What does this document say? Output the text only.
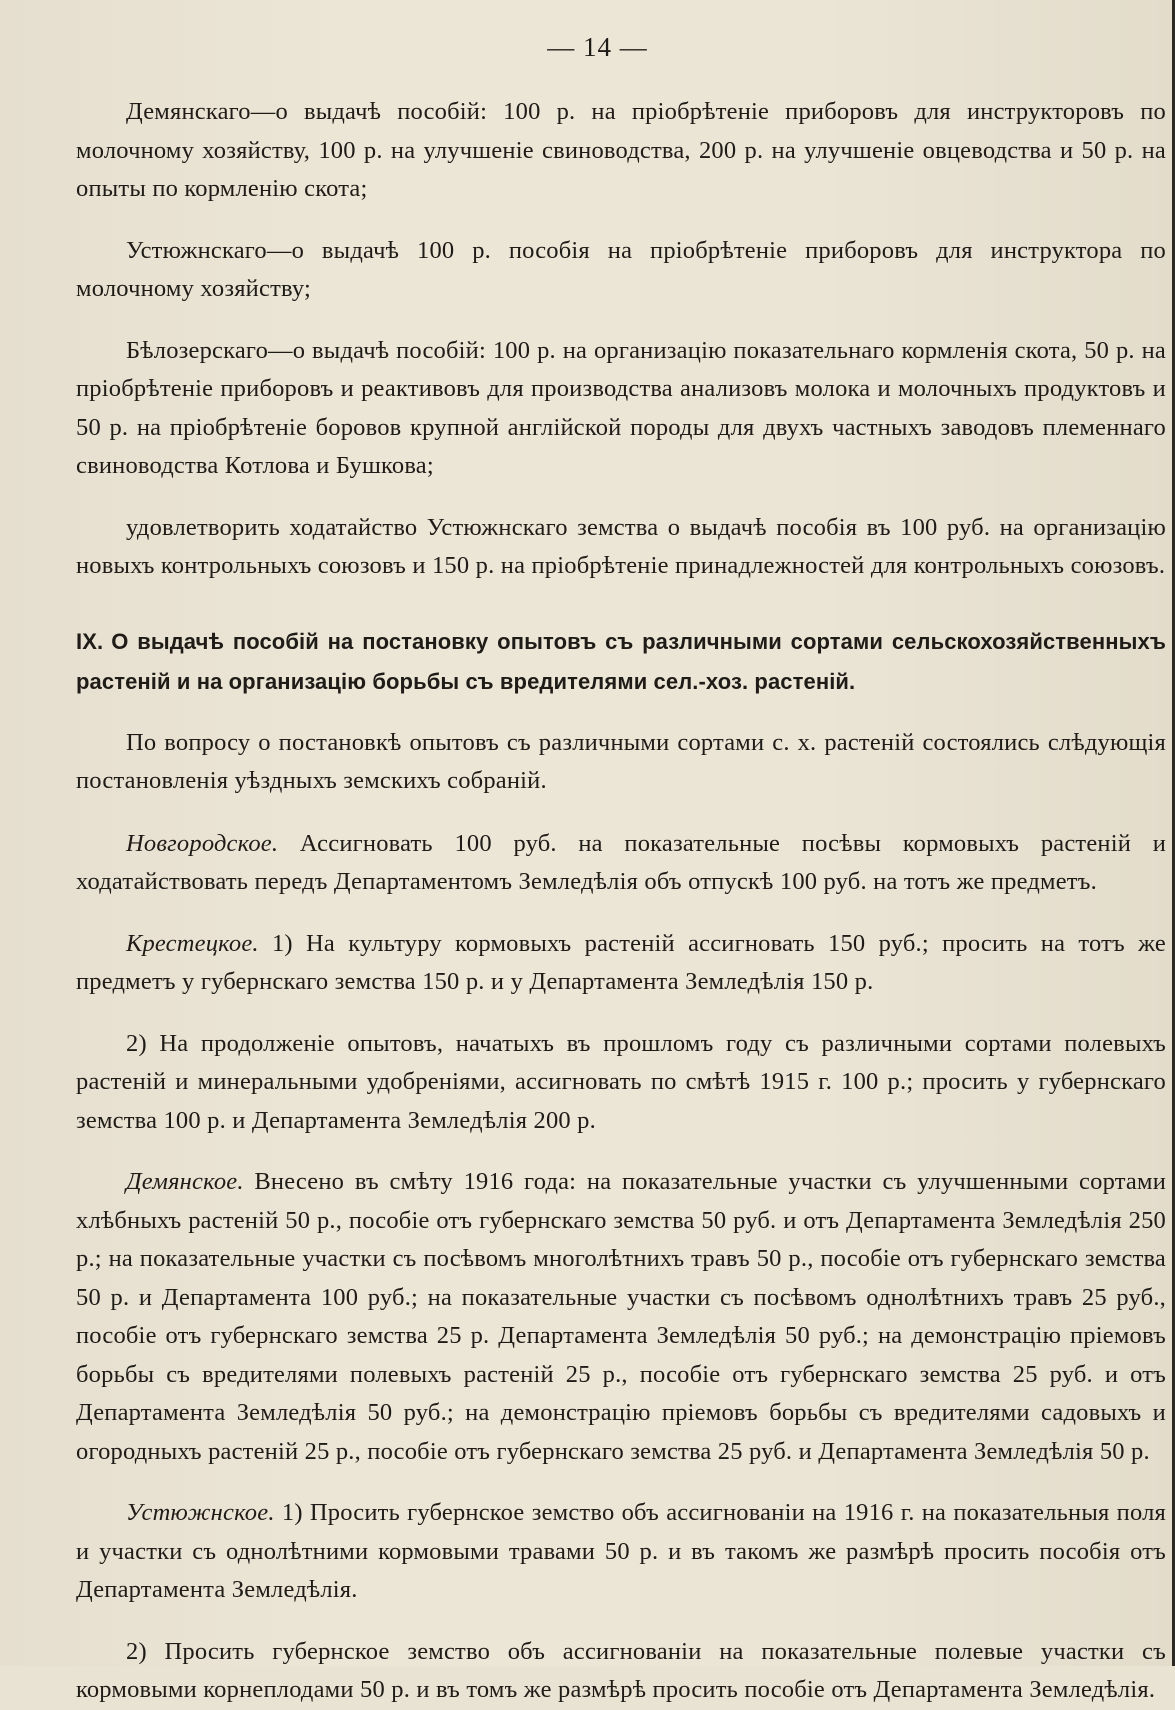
— 14 —

Демянскаго—о выдачѣ пособій: 100 р. на пріобрѣтеніе приборовъ для инструкторовъ по молочному хозяйству, 100 р. на улучшеніе свиноводства, 200 р. на улучшеніе овцеводства и 50 р. на опыты по кормленію скота;

Устюжнскаго—о выдачѣ 100 р. пособія на пріобрѣтеніе приборовъ для инструктора по молочному хозяйству;

Бѣлозерскаго—о выдачѣ пособій: 100 р. на организацію показательнаго кормленія скота, 50 р. на пріобрѣтеніе приборовъ и реактивовъ для производства анализовъ молока и молочныхъ продуктовъ и 50 р. на пріобрѣтеніе боровов крупной англійской породы для двухъ частныхъ заводовъ племеннаго свиноводства Котлова и Бушкова;

удовлетворить ходатайство Устюжнскаго земства о выдачѣ пособія въ 100 руб. на организацію новыхъ контрольныхъ союзовъ и 150 р. на пріобрѣтеніе принадлежностей для контрольныхъ союзовъ.

IX. О выдачѣ пособій на постановку опытовъ съ различными сортами сельскохозяйственныхъ растеній и на организацію борьбы съ вредителями сел.-хоз. растеній.

По вопросу о постановкѣ опытовъ съ различными сортами с. х. растеній состоялись слѣдующія постановленія уѣздныхъ земскихъ собраній.

Новгородское. Ассигновать 100 руб. на показательные посѣвы кормовыхъ растеній и ходатайствовать передъ Департаментомъ Земледѣлія объ отпускѣ 100 руб. на тотъ же предметъ.

Крестецкое. 1) На культуру кормовыхъ растеній ассигновать 150 руб.; просить на тотъ же предметъ у губернскаго земства 150 р. и у Департамента Земледѣлія 150 р.

2) На продолженіе опытовъ, начатыхъ въ прошломъ году съ различными сортами полевыхъ растеній и минеральными удобреніями, ассигновать по смѣтѣ 1915 г. 100 р.; просить у губернскаго земства 100 р. и Департамента Земледѣлія 200 р.

Демянское. Внесено въ смѣту 1916 года: на показательные участки съ улучшенными сортами хлѣбныхъ растеній 50 р., пособіе отъ губернскаго земства 50 руб. и отъ Департамента Земледѣлія 250 р.; на показательные участки съ посѣвомъ многолѣтнихъ травъ 50 р., пособіе отъ губернскаго земства 50 р. и Департамента 100 руб.; на показательные участки съ посѣвомъ однолѣтнихъ травъ 25 руб., пособіе отъ губернскаго земства 25 р. Департамента Земледѣлія 50 руб.; на демонстрацію пріемовъ борьбы съ вредителями полевыхъ растеній 25 р., пособіе отъ губернскаго земства 25 руб. и отъ Департамента Земледѣлія 50 руб.; на демонстрацію пріемовъ борьбы съ вредителями садовыхъ и огородныхъ растеній 25 р., пособіе отъ губернскаго земства 25 руб. и Департамента Земледѣлія 50 р.

Устюжнское. 1) Просить губернское земство объ ассигнованіи на 1916 г. на показательныя поля и участки съ однолѣтними кормовыми травами 50 р. и въ такомъ же размѣрѣ просить пособія отъ Департамента Земледѣлія.

2) Просить губернское земство объ ассигнованіи на показательные полевые участки съ кормовыми корнеплодами 50 р. и въ томъ же размѣрѣ просить пособіе отъ Департамента Земледѣлія.
